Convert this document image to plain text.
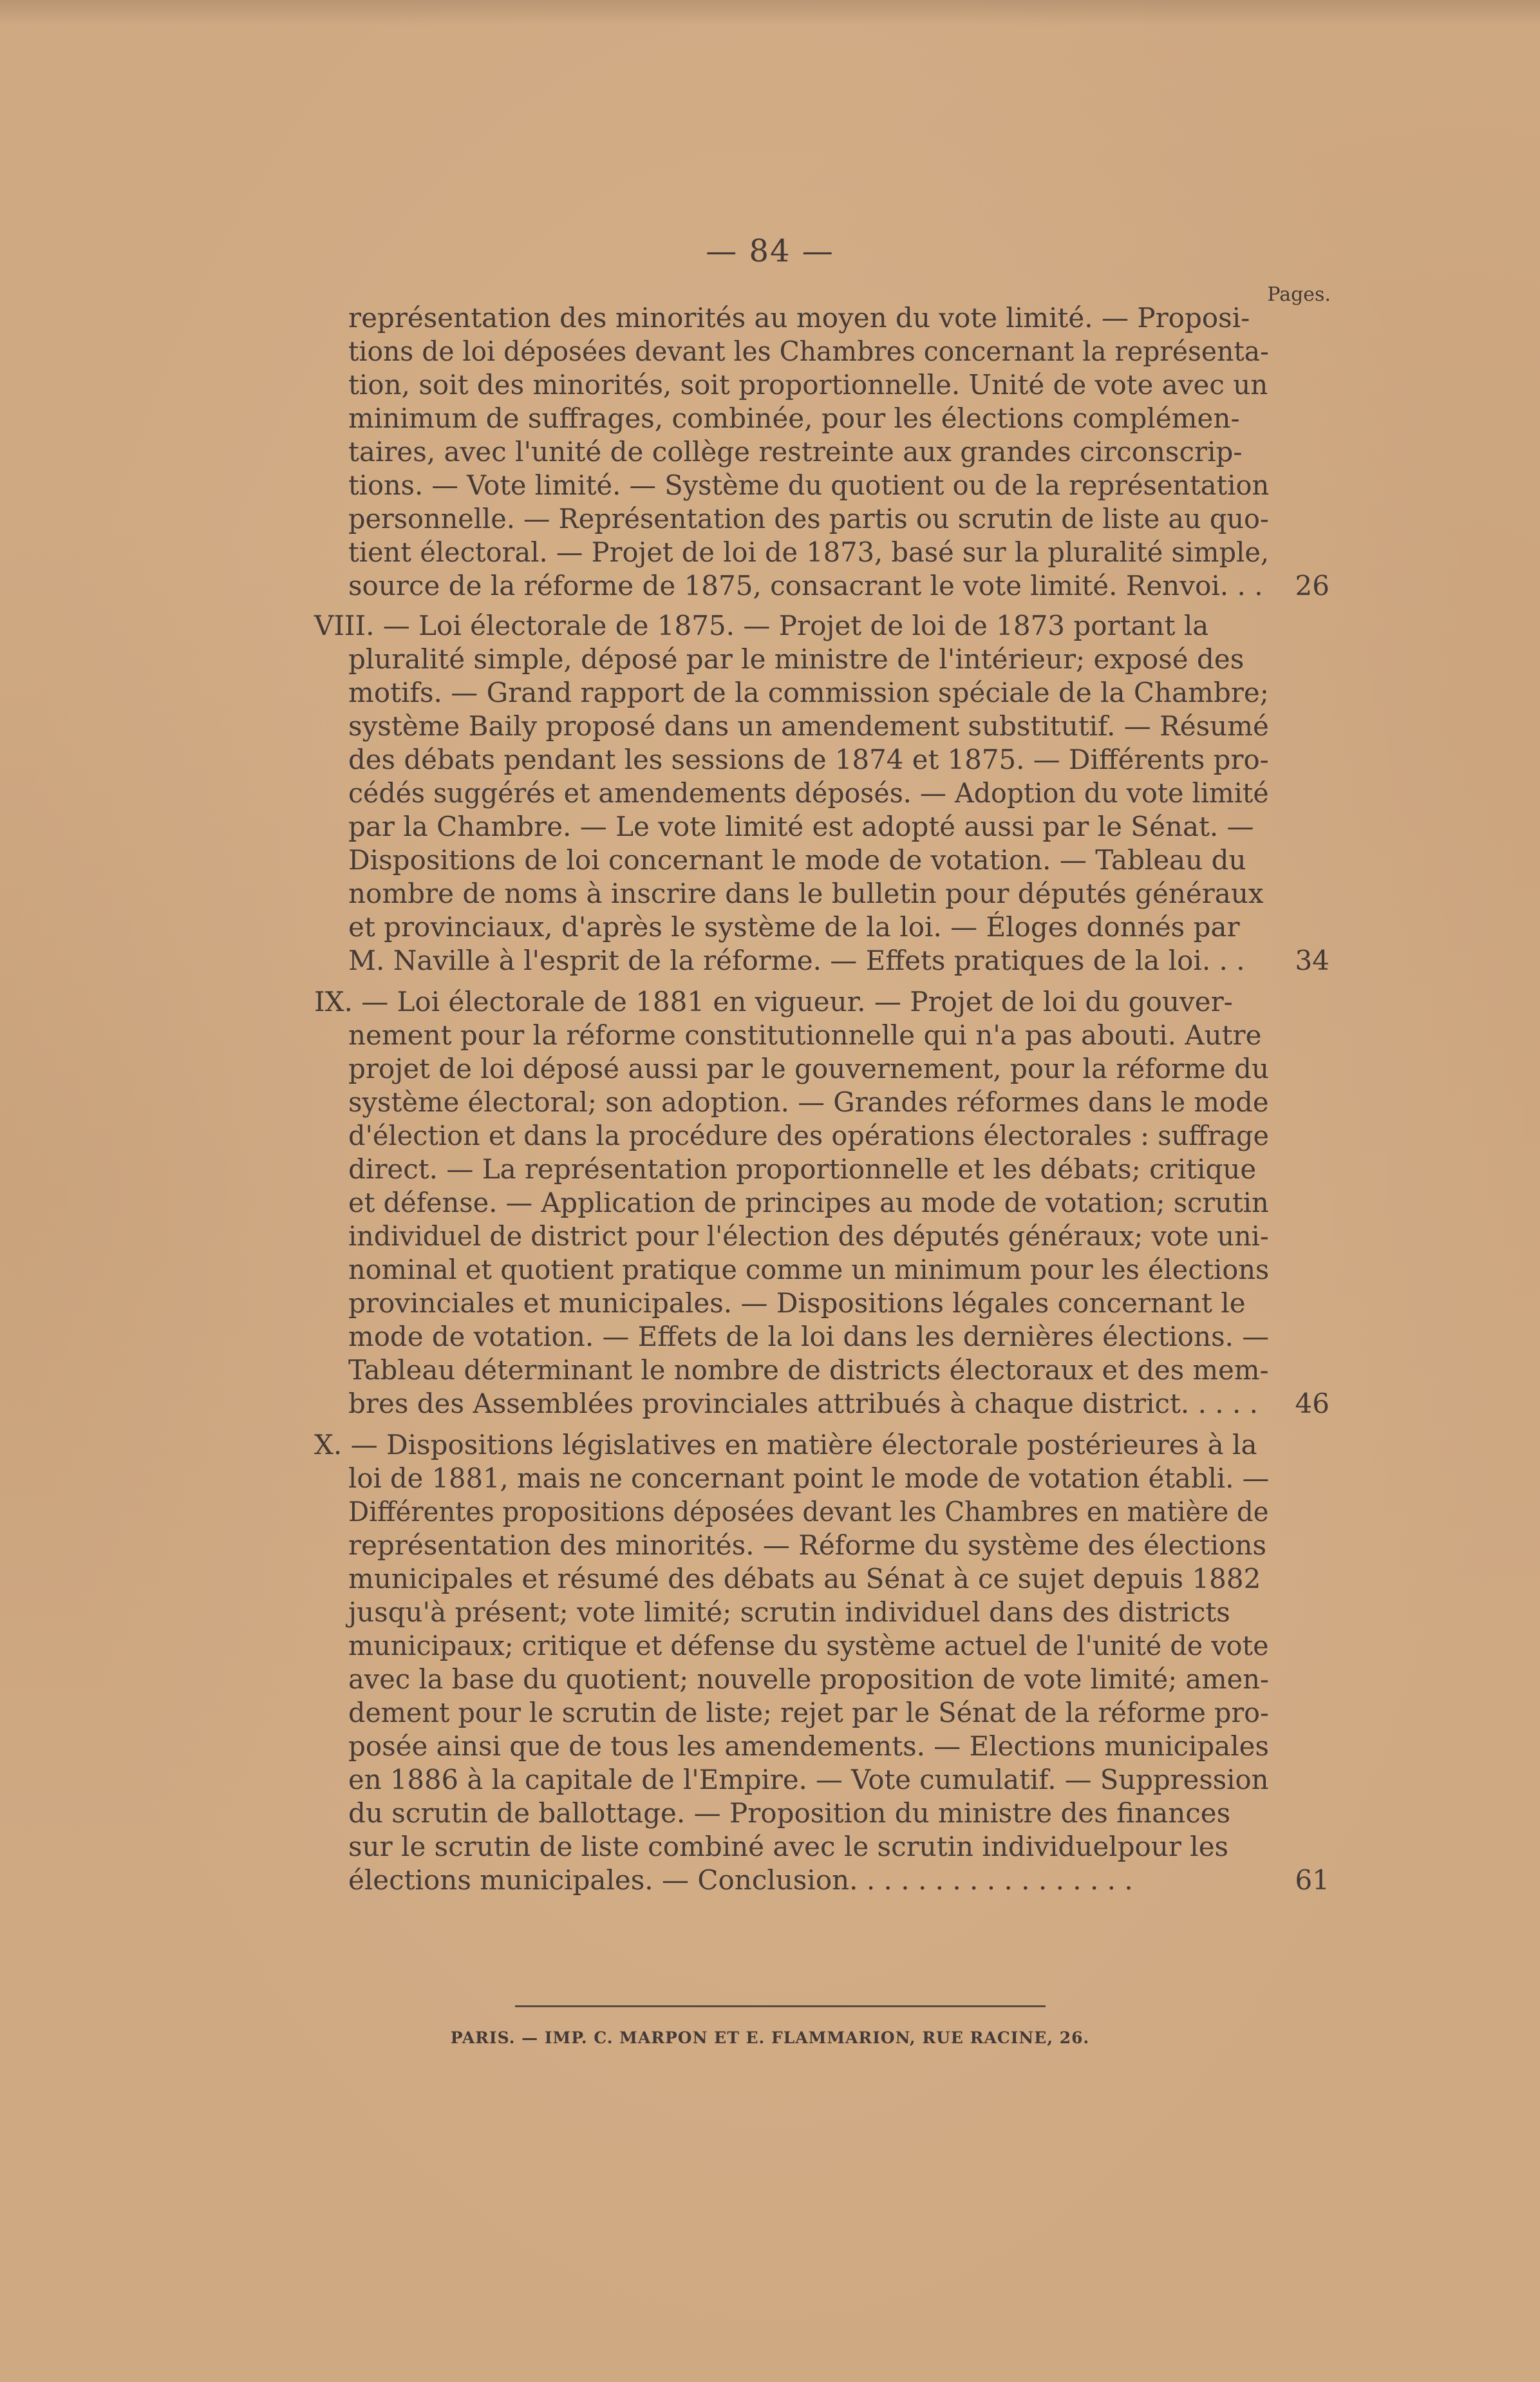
— 84 —
Pages.
représentation des minorités au moyen du vote limité. — Proposi-
tions de loi déposées devant les Chambres concernant la représenta-
tion, soit des minorités, soit proportionnelle. Unité de vote avec un
minimum de suffrages, combinée, pour les élections complémen-
taires, avec l'unité de collège restreinte aux grandes circonscrip-
tions. — Vote limité. — Système du quotient ou de la représentation
personnelle. — Représentation des partis ou scrutin de liste au quo-
tient électoral. — Projet de loi de 1873, basé sur la pluralité simple,
source de la réforme de 1875, consacrant le vote limité. Renvoi. . . 26
VIII. — Loi électorale de 1875. — Projet de loi de 1873 portant la
pluralité simple, déposé par le ministre de l'intérieur; exposé des
motifs. — Grand rapport de la commission spéciale de la Chambre;
système Baily proposé dans un amendement substitutif. — Résumé
des débats pendant les sessions de 1874 et 1875. — Différents pro-
cédés suggérés et amendements déposés. — Adoption du vote limité
par la Chambre. — Le vote limité est adopté aussi par le Sénat. —
Dispositions de loi concernant le mode de votation. — Tableau du
nombre de noms à inscrire dans le bulletin pour députés généraux
et provinciaux, d'après le système de la loi. — Éloges donnés par
M. Naville à l'esprit de la réforme. — Effets pratiques de la loi. . . 34
IX. — Loi électorale de 1881 en vigueur. — Projet de loi du gouver-
nement pour la réforme constitutionnelle qui n'a pas abouti. Autre
projet de loi déposé aussi par le gouvernement, pour la réforme du
système électoral; son adoption. — Grandes réformes dans le mode
d'élection et dans la procédure des opérations électorales : suffrage
direct. — La représentation proportionnelle et les débats; critique
et défense. — Application de principes au mode de votation; scrutin
individuel de district pour l'élection des députés généraux; vote uni-
nominal et quotient pratique comme un minimum pour les élections
provinciales et municipales. — Dispositions légales concernant le
mode de votation. — Effets de la loi dans les dernières élections. —
Tableau déterminant le nombre de districts électoraux et des mem-
bres des Assemblées provinciales attribués à chaque district. . . . . 46
X. — Dispositions législatives en matière électorale postérieures à la
loi de 1881, mais ne concernant point le mode de votation établi. —
Différentes propositions déposées devant les Chambres en matière de
représentation des minorités. — Réforme du système des élections
municipales et résumé des débats au Sénat à ce sujet depuis 1882
jusqu'à présent; vote limité; scrutin individuel dans des districts
municipaux; critique et défense du système actuel de l'unité de vote
avec la base du quotient; nouvelle proposition de vote limité; amen-
dement pour le scrutin de liste; rejet par le Sénat de la réforme pro-
posée ainsi que de tous les amendements. — Elections municipales
en 1886 à la capitale de l'Empire. — Vote cumulatif. — Suppression
du scrutin de ballottage. — Proposition du ministre des finances
sur le scrutin de liste combiné avec le scrutin individuelpour les
élections municipales. — Conclusion. . . . . . . . . . . . . . . . .	61
PARIS. — IMP. C. MARPON ET E. FLAMMARION, RUE RACINE, 26.
